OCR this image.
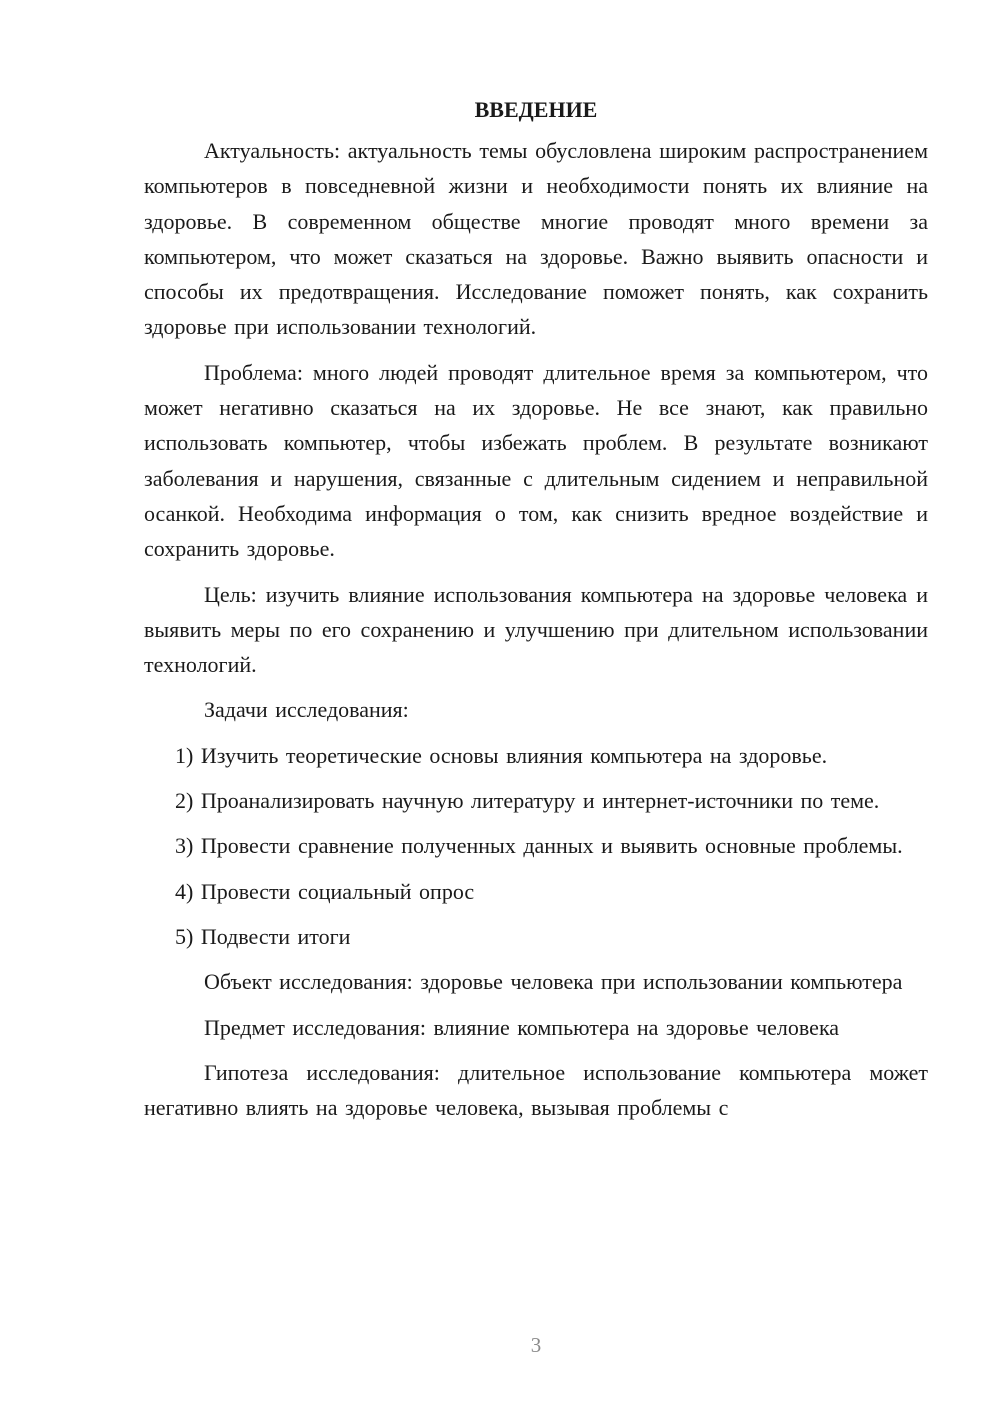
ВВЕДЕНИЕ

Актуальность: актуальность темы обусловлена широким распространением компьютеров в повседневной жизни и необходимости понять их влияние на здоровье. В современном обществе многие проводят много времени за компьютером, что может сказаться на здоровье. Важно выявить опасности и способы их предотвращения. Исследование поможет понять, как сохранить здоровье при использовании технологий.

Проблема: много людей проводят длительное время за компьютером, что может негативно сказаться на их здоровье. Не все знают, как правильно использовать компьютер, чтобы избежать проблем. В результате возникают заболевания и нарушения, связанные с длительным сидением и неправильной осанкой. Необходима информация о том, как снизить вредное воздействие и сохранить здоровье.

Цель: изучить влияние использования компьютера на здоровье человека и выявить меры по его сохранению и улучшению при длительном использовании технологий.

Задачи исследования:

1) Изучить теоретические основы влияния компьютера на здоровье.

2) Проанализировать научную литературу и интернет-источники по теме.

3) Провести сравнение полученных данных и выявить основные проблемы.

4) Провести социальный опрос

5) Подвести итоги

Объект исследования: здоровье человека при использовании компьютера

Предмет исследования: влияние компьютера на здоровье человека

Гипотеза исследования: длительное использование компьютера может негативно влиять на здоровье человека, вызывая проблемы с

3
